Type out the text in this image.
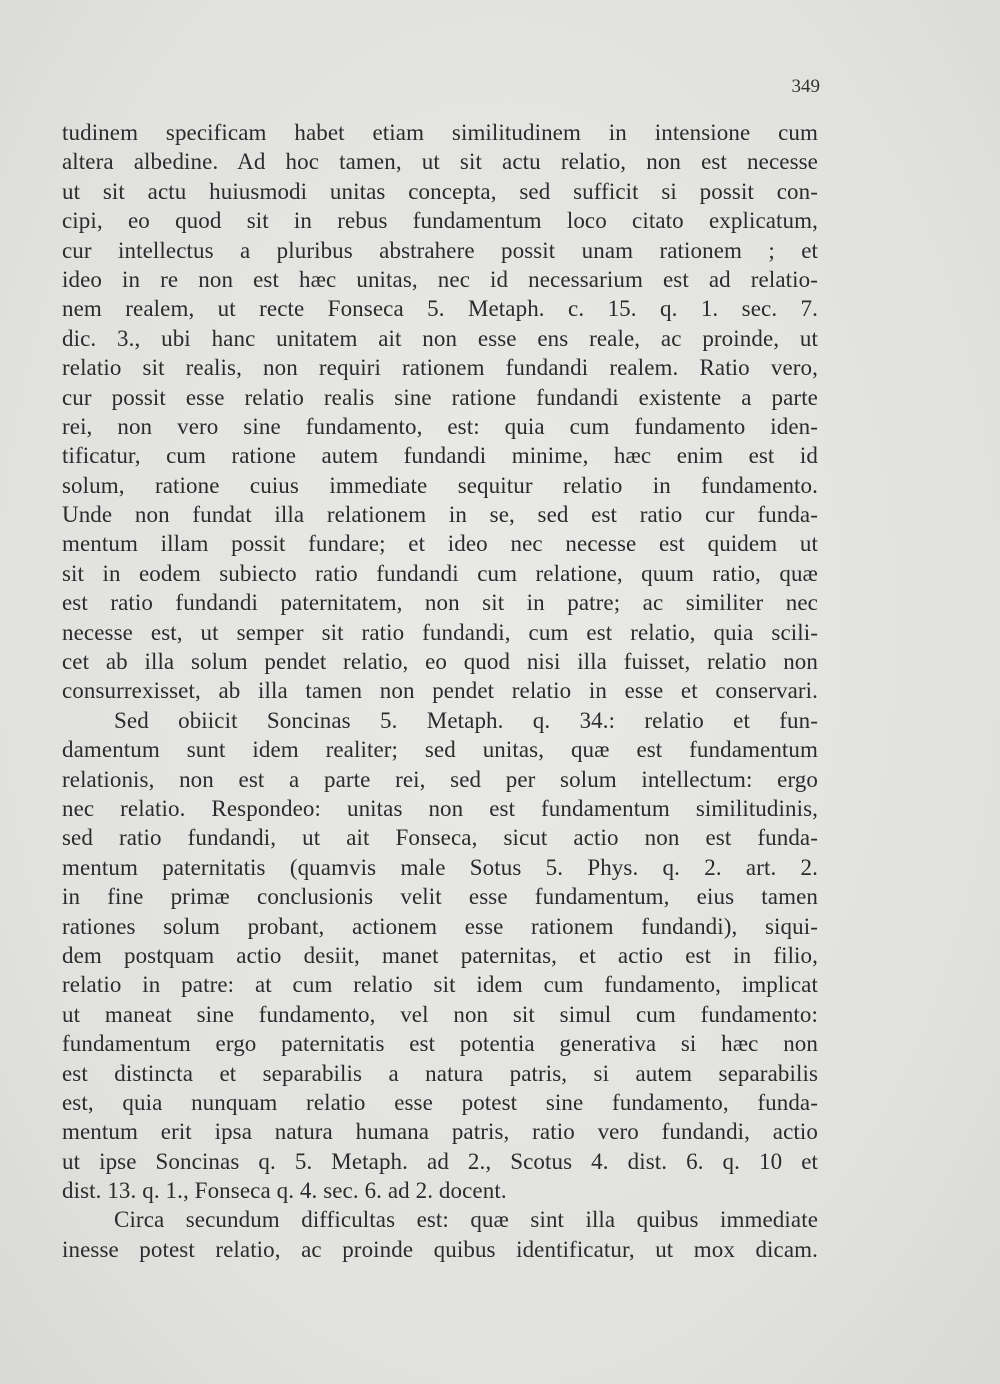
349
tudinem specificam habet etiam similitudinem in intensione cum
altera albedine. Ad hoc tamen, ut sit actu relatio, non est necesse
ut sit actu huiusmodi unitas concepta, sed sufficit si possit con-
cipi, eo quod sit in rebus fundamentum loco citato explicatum,
cur intellectus a pluribus abstrahere possit unam rationem ; et
ideo in re non est hæc unitas, nec id necessarium est ad relatio-
nem realem, ut recte Fonseca 5. Metaph. c. 15. q. 1. sec. 7.
dic. 3., ubi hanc unitatem ait non esse ens reale, ac proinde, ut
relatio sit realis, non requiri rationem fundandi realem. Ratio vero,
cur possit esse relatio realis sine ratione fundandi existente a parte
rei, non vero sine fundamento, est: quia cum fundamento iden-
tificatur, cum ratione autem fundandi minime, hæc enim est id
solum, ratione cuius immediate sequitur relatio in fundamento.
Unde non fundat illa relationem in se, sed est ratio cur funda-
mentum illam possit fundare; et ideo nec necesse est quidem ut
sit in eodem subiecto ratio fundandi cum relatione, quum ratio, quæ
est ratio fundandi paternitatem, non sit in patre; ac similiter nec
necesse est, ut semper sit ratio fundandi, cum est relatio, quia scili-
cet ab illa solum pendet relatio, eo quod nisi illa fuisset, relatio non
consurrexisset, ab illa tamen non pendet relatio in esse et conservari.
Sed obiicit Soncinas 5. Metaph. q. 34.: relatio et fun-
damentum sunt idem realiter; sed unitas, quæ est fundamentum
relationis, non est a parte rei, sed per solum intellectum: ergo
nec relatio. Respondeo: unitas non est fundamentum similitudinis,
sed ratio fundandi, ut ait Fonseca, sicut actio non est funda-
mentum paternitatis (quamvis male Sotus 5. Phys. q. 2. art. 2.
in fine primæ conclusionis velit esse fundamentum, eius tamen
rationes solum probant, actionem esse rationem fundandi), siqui-
dem postquam actio desiit, manet paternitas, et actio est in filio,
relatio in patre: at cum relatio sit idem cum fundamento, implicat
ut maneat sine fundamento, vel non sit simul cum fundamento:
fundamentum ergo paternitatis est potentia generativa si hæc non
est distincta et separabilis a natura patris, si autem separabilis
est, quia nunquam relatio esse potest sine fundamento, funda-
mentum erit ipsa natura humana patris, ratio vero fundandi, actio
ut ipse Soncinas q. 5. Metaph. ad 2., Scotus 4. dist. 6. q. 10 et
dist. 13. q. 1., Fonseca q. 4. sec. 6. ad 2. docent.
Circa secundum difficultas est: quæ sint illa quibus immediate
inesse potest relatio, ac proinde quibus identificatur, ut mox dicam.
